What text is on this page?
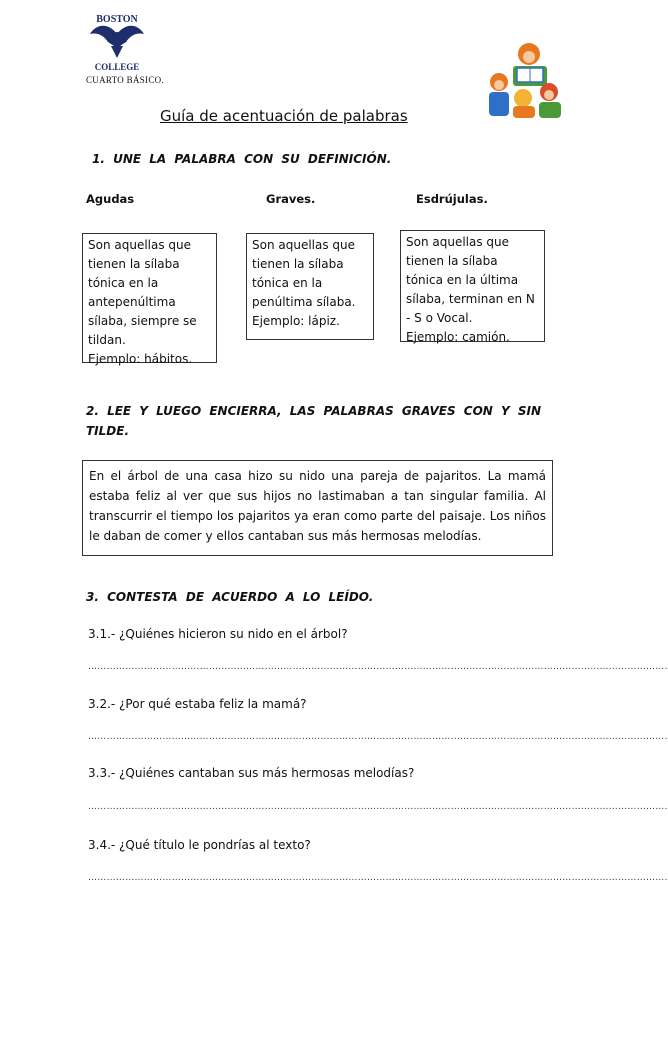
BOSTON
COLLEGE
CUARTO BÁSICO.
Guía de acentuación de palabras
1. UNE LA PALABRA CON SU DEFINICIÓN.
Agudas	Graves.	Esdrújulas.
Son aquellas que
tienen la sílaba
tónica en la
antepenúltima
sílaba, siempre se
tildan.
Ejemplo: hábitos.
Son aquellas que
tienen la sílaba
tónica en la
penúltima sílaba.
Ejemplo: lápiz.
Son aquellas que
tienen la sílaba
tónica en la última
sílaba, terminan en N
- S o Vocal.
Ejemplo: camión.
2. LEE Y LUEGO ENCIERRA, LAS PALABRAS GRAVES CON Y SIN TILDE.
En el árbol de una casa hizo su nido una pareja de pajaritos. La mamá estaba feliz al ver que sus hijos no lastimaban a tan singular familia. Al transcurrir el tiempo los pajaritos ya eran como parte del paisaje. Los niños le daban de comer y ellos cantaban sus más hermosas melodías.
3. CONTESTA DE ACUERDO A LO LEÍDO.
3.1.- ¿Quiénes hicieron su nido en el árbol?
…………………………………………………………………………………………………………………………………………………………………….
3.2.- ¿Por qué estaba feliz la mamá?
…………………………………………………………………………………………………………………………………………………………………….
3.3.- ¿Quiénes cantaban sus más hermosas melodías?
…………………………………………………………………………………………………………………………………………………………………….
3.4.- ¿Qué título le pondrías al texto?
…………………………………………………………………………………………………………………………………………………………………….
